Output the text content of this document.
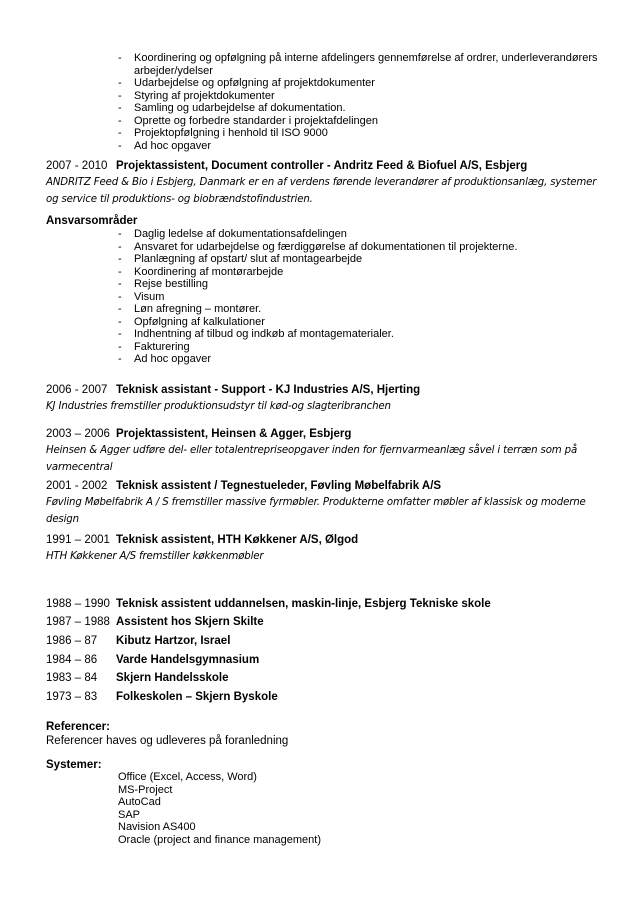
- Koordinering og opfølgning på interne afdelingers gennemførelse af ordrer, underleverandørers arbejder/ydelser
- Udarbejdelse og opfølgning af projektdokumenter
- Styring af projektdokumenter
- Samling og udarbejdelse af dokumentation.
- Oprette og forbedre standarder i projektafdelingen
- Projektopfølgning i henhold til ISO 9000
- Ad hoc opgaver
2007 - 2010 Projektassistent, Document controller - Andritz Feed & Biofuel A/S, Esbjerg
ANDRITZ Feed & Bio i Esbjerg, Danmark er en af verdens førende leverandører af produktionsanlæg, systemer og service til produktions- og biobrændstofindustrien.
Ansvarsområder
- Daglig ledelse af dokumentationsafdelingen
- Ansvaret for udarbejdelse og færdiggørelse af dokumentationen til projekterne.
- Planlægning af opstart/ slut af montagearbejde
- Koordinering af montørarbejde
- Rejse bestilling
- Visum
- Løn afregning – montører.
- Opfølgning af kalkulationer
- Indhentning af tilbud og indkøb af montagematerialer.
- Fakturering
- Ad hoc opgaver
2006 - 2007 Teknisk assistant - Support - KJ Industries A/S, Hjerting
KJ Industries fremstiller produktionsudstyr til kød-og slagteribranchen
2003 – 2006 Projektassistent, Heinsen & Agger, Esbjerg
Heinsen & Agger udføre del- eller totalentrepriseopgaver inden for fjernvarmeanlæg såvel i terræn som på varmecentral
2001 - 2002 Teknisk assistent / Tegnestueleder, Føvling Møbelfabrik A/S
Føvling Møbelfabrik A / S fremstiller massive fyrmøbler. Produkterne omfatter møbler af klassisk og moderne design
1991 – 2001 Teknisk assistent, HTH Køkkener A/S, Ølgod
HTH Køkkener A/S fremstiller køkkenmøbler
1988 – 1990 Teknisk assistent uddannelsen, maskin-linje, Esbjerg Tekniske skole
1987 – 1988 Assistent hos Skjern Skilte
1986 – 87 Kibutz Hartzor, Israel
1984 – 86 Varde Handelsgymnasium
1983 – 84 Skjern Handelsskole
1973 – 83 Folkeskolen – Skjern Byskole
Referencer:
Referencer haves og udleveres på foranledning
Systemer:
Office (Excel, Access, Word)
MS-Project
AutoCad
SAP
Navision AS400
Oracle (project and finance management)
